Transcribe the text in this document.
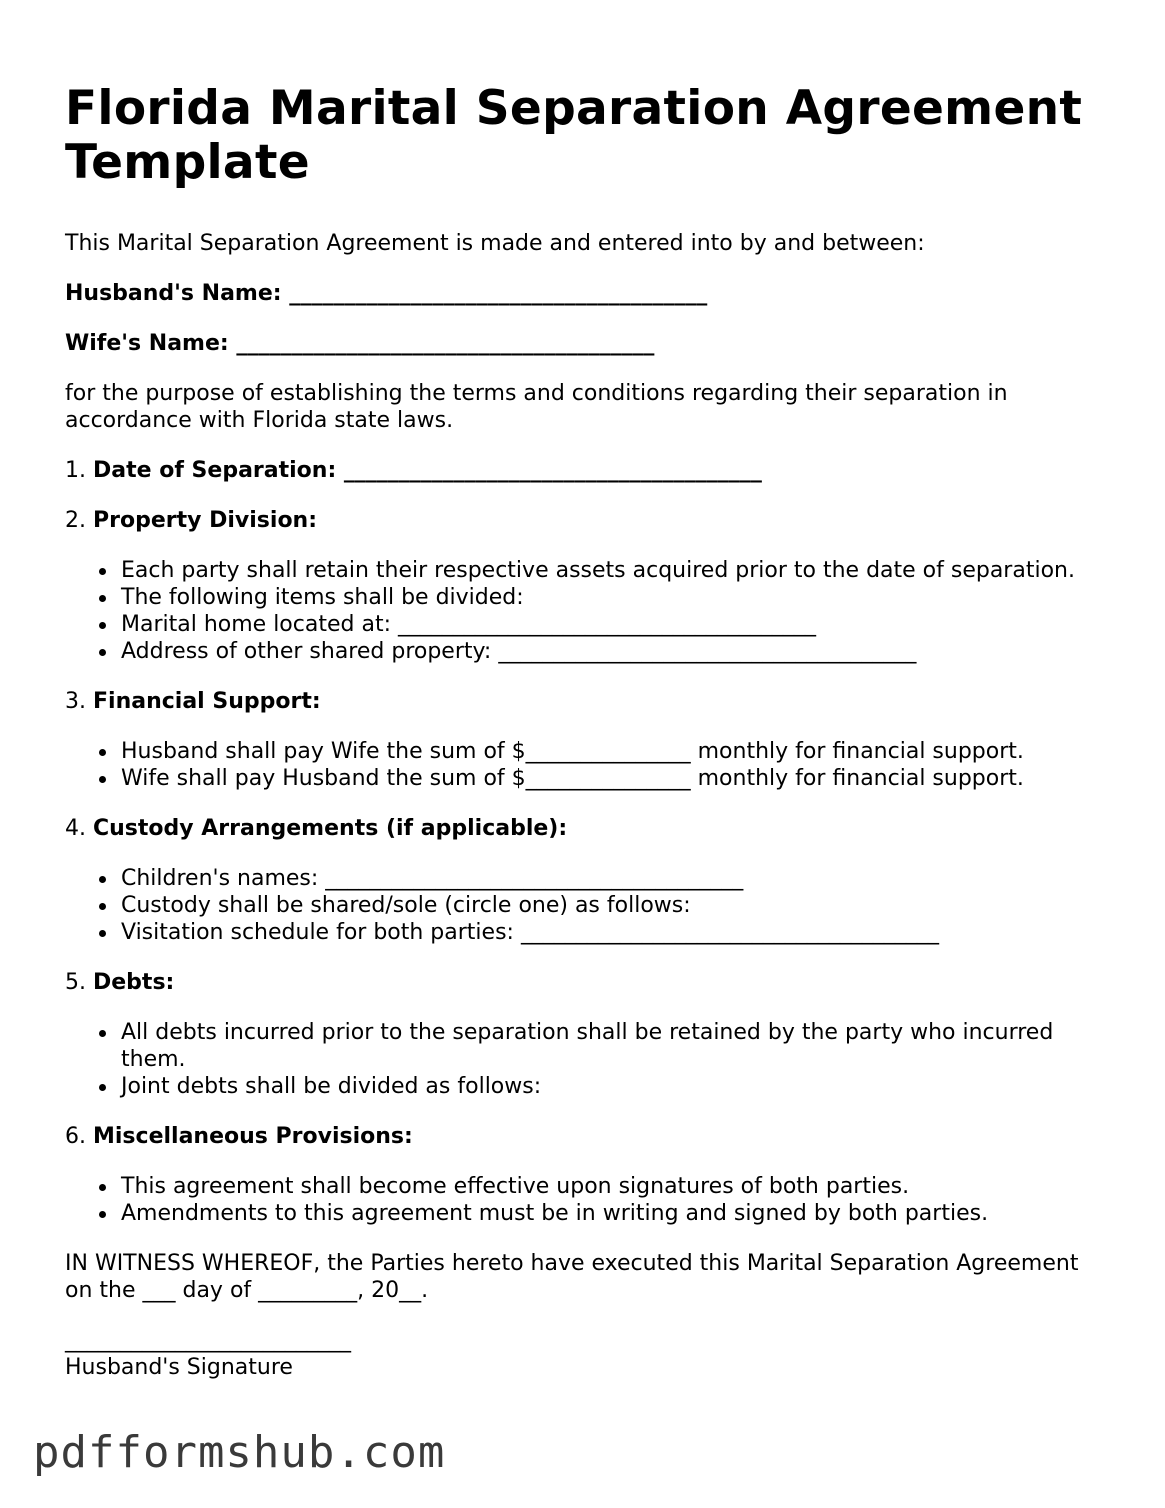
Florida Marital Separation Agreement Template

This Marital Separation Agreement is made and entered into by and between:

Husband's Name: ______________________________________

Wife's Name: ______________________________________

for the purpose of establishing the terms and conditions regarding their separation in accordance with Florida state laws.

1. Date of Separation: ______________________________________

2. Property Division:

Each party shall retain their respective assets acquired prior to the date of separation.
The following items shall be divided:
Marital home located at: ______________________________________
Address of other shared property: ______________________________________

3. Financial Support:

Husband shall pay Wife the sum of $_______________ monthly for financial support.
Wife shall pay Husband the sum of $_______________ monthly for financial support.

4. Custody Arrangements (if applicable):

Children's names: ______________________________________
Custody shall be shared/sole (circle one) as follows:
Visitation schedule for both parties: ______________________________________

5. Debts:

All debts incurred prior to the separation shall be retained by the party who incurred them.
Joint debts shall be divided as follows:

6. Miscellaneous Provisions:

This agreement shall become effective upon signatures of both parties.
Amendments to this agreement must be in writing and signed by both parties.

IN WITNESS WHEREOF, the Parties hereto have executed this Marital Separation Agreement on the ___ day of _________, 20__.

__________________________

Husband's Signature

pdfformshub.com
